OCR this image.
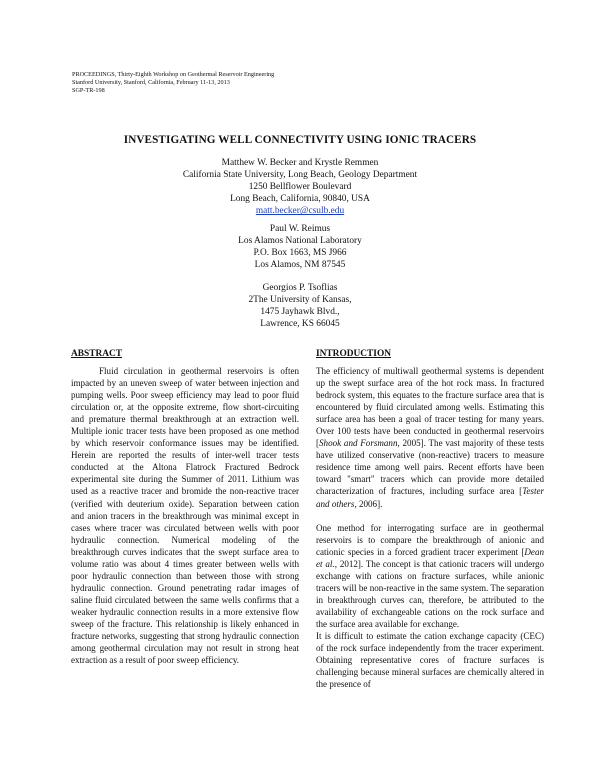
PROCEEDINGS, Thirty-Eighth Workshop on Geothermal Reservoir Engineering
Stanford University, Stanford, California, February 11-13, 2013
SGP-TR-198
INVESTIGATING WELL CONNECTIVITY USING IONIC TRACERS
Matthew W. Becker and Krystle Remmen
California State University, Long Beach, Geology Department
1250 Bellflower Boulevard
Long Beach, California, 90840, USA
matt.becker@csulb.edu
Paul W. Reimus
Los Alamos National Laboratory
P.O. Box 1663, MS J966
Los Alamos, NM 87545
Georgios P. Tsoflias
2The University of Kansas,
1475 Jayhawk Blvd.,
Lawrence, KS 66045
ABSTRACT

Fluid circulation in geothermal reservoirs is often impacted by an uneven sweep of water between injection and pumping wells. Poor sweep efficiency may lead to poor fluid circulation or, at the opposite extreme, flow short-circuiting and premature thermal breakthrough at an extraction well. Multiple ionic tracer tests have been proposed as one method by which reservoir conformance issues may be identified. Herein are reported the results of inter-well tracer tests conducted at the Altona Flatrock Fractured Bedrock experimental site during the Summer of 2011. Lithium was used as a reactive tracer and bromide the non-reactive tracer (verified with deuterium oxide). Separation between cation and anion tracers in the breakthrough was minimal except in cases where tracer was circulated between wells with poor hydraulic connection. Numerical modeling of the breakthrough curves indicates that the swept surface area to volume ratio was about 4 times greater between wells with poor hydraulic connection than between those with strong hydraulic connection. Ground penetrating radar images of saline fluid circulated between the same wells confirms that a weaker hydraulic connection results in a more extensive flow sweep of the fracture. This relationship is likely enhanced in fracture networks, suggesting that strong hydraulic connection among geothermal circulation may not result in strong heat extraction as a result of poor sweep efficiency.

INTRODUCTION

The efficiency of multiwall geothermal systems is dependent up the swept surface area of the hot rock mass. In fractured bedrock system, this equates to the fracture surface area that is encountered by fluid circulated among wells. Estimating this surface area has been a goal of tracer testing for many years. Over 100 tests have been conducted in geothermal reservoirs [Shook and Forsmann, 2005]. The vast majority of these tests have utilized conservative (non-reactive) tracers to measure residence time among well pairs. Recent efforts have been toward "smart" tracers which can provide more detailed characterization of fractures, including surface area [Tester and others, 2006].

One method for interrogating surface are in geothermal reservoirs is to compare the breakthrough of anionic and cationic species in a forced gradient tracer experiment [Dean et al., 2012]. The concept is that cationic tracers will undergo exchange with cations on fracture surfaces, while anionic tracers will be non-reactive in the same system. The separation in breakthrough curves can, therefore, be attributed to the availability of exchangeable cations on the rock surface and the surface area available for exchange.

It is difficult to estimate the cation exchange capacity (CEC) of the rock surface independently from the tracer experiment. Obtaining representative cores of fracture surfaces is challenging because mineral surfaces are chemically altered in the presence of
